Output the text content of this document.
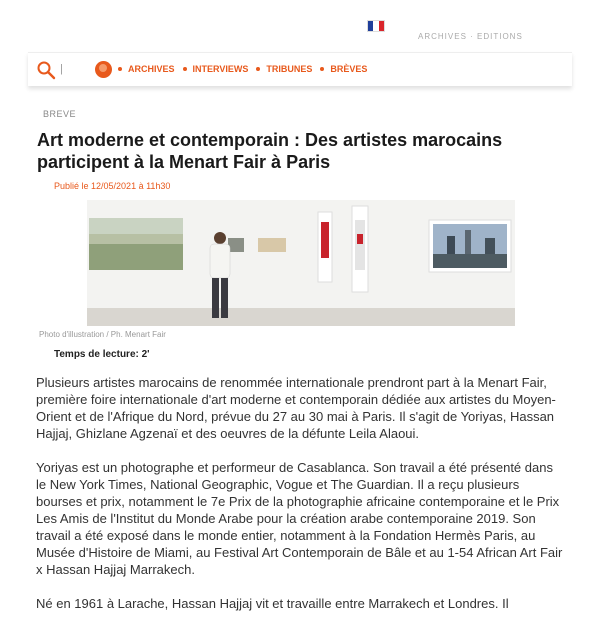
ARCHIVES · EDITIONS
|	ARCHIVES INTERVIEWS TRIBUNES BRÈVES
BREVE
Art moderne et contemporain : Des artistes marocains participent à la Menart Fair à Paris
Publié le 12/05/2021 à 11h30
Photo d'illustration / Ph. Menart Fair
Temps de lecture: 2'

Plusieurs artistes marocains de renommée internationale prendront part à la Menart Fair, première foire internationale d'art moderne et contemporain dédiée aux artistes du Moyen-Orient et de l'Afrique du Nord, prévue du 27 au 30 mai à Paris. Il s'agit de Yoriyas, Hassan Hajjaj, Ghizlane Agzenaï et des oeuvres de la défunte Leila Alaoui.

Yoriyas est un photographe et performeur de Casablanca. Son travail a été présenté dans le New York Times, National Geographic, Vogue et The Guardian. Il a reçu plusieurs bourses et prix, notamment le 7e Prix de la photographie africaine contemporaine et le Prix Les Amis de l'Institut du Monde Arabe pour la création arabe contemporaine 2019. Son travail a été exposé dans le monde entier, notamment à la Fondation Hermès Paris, au Musée d'Histoire de Miami, au Festival Art Contemporain de Bâle et au 1-54 African Art Fair x Hassan Hajjaj Marrakech.

Né en 1961 à Larache, Hassan Hajjaj vit et travaille entre Marrakech et Londres. Il
